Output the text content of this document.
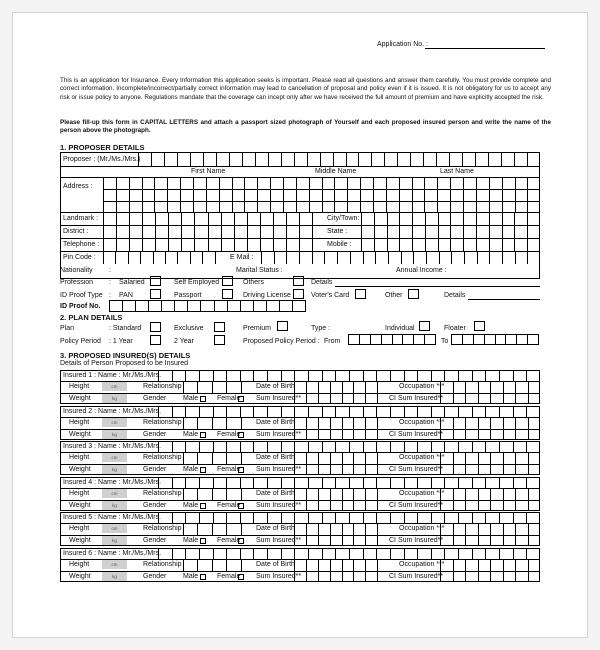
Application No. :
This is an application for Insurance. Every Information this application seeks is important. Please read all questions and answer them carefully. You must provide complete and correct information. Incomplete/incorrect/partially correct information may lead to cancellation of proposal and policy even if it is issued. It is not obligatory for us to accept any risk or issue policy to anyone. Regulations mandate that the coverage can incept only after we have received the full amount of premium and have explicitly accepted the risk.
Please fill-up this form in CAPITAL LETTERS and attach a passport sized photograph of Yourself and each proposed insured person and write the name of the person above the photograph.
1. PROPOSER DETAILS
Proposer : (Mr./Ms./Mrs.)
First Name	Middle Name	Last Name
Address :
Landmark :	City/Town:
District :	State :
Telephone :	Mobile :
Pin Code :	E Mail :
Nationality :	Marital Status :	Annual Income :
Profession : Salaried	Self Employed	Others	Details
ID Proof Type : PAN	Passport	Driving License	Voter's Card	Other	Details
ID Proof No.
2. PLAN DETAILS
Plan	: Standard	Exclusive	Premium	Type :	Individual	Floater
Policy Period : 1 Year	2 Year	Proposed Policy Period : From	To
3. PROPOSED INSURED(S) DETAILS
Details of Person Proposed to be Insured
Insured 1 : Name : Mr./Ms./Mrs.
Height	cm	Relationship	Date of Birth	Occupation ***
Weight	kg	Gender Male	Female Sum Insured**	CI Sum Insured**
Insured 2 : Name : Mr./Ms./Mrs.
Height	cm	Relationship	Date of Birth	Occupation ***
Weight	kg	Gender Male	Female Sum Insured**	CI Sum Insured**
Insured 3 : Name : Mr./Ms./Mrs.
Height	cm	Relationship	Date of Birth	Occupation ***
Weight	kg	Gender Male	Female Sum Insured**	CI Sum Insured**
Insured 4 : Name : Mr./Ms./Mrs.
Height	cm	Relationship	Date of Birth	Occupation ***
Weight	kg	Gender Male	Female Sum Insured**	CI Sum Insured**
Insured 5 : Name : Mr./Ms./Mrs.
Height	cm	Relationship	Date of Birth	Occupation ***
Weight	kg	Gender Male	Female Sum Insured**	CI Sum Insured**
Insured 6 : Name : Mr./Ms./Mrs.
Height	cm	Relationship	Date of Birth	Occupation ***
Weight	kg	Gender Male	Female Sum Insured**	CI Sum Insured**
